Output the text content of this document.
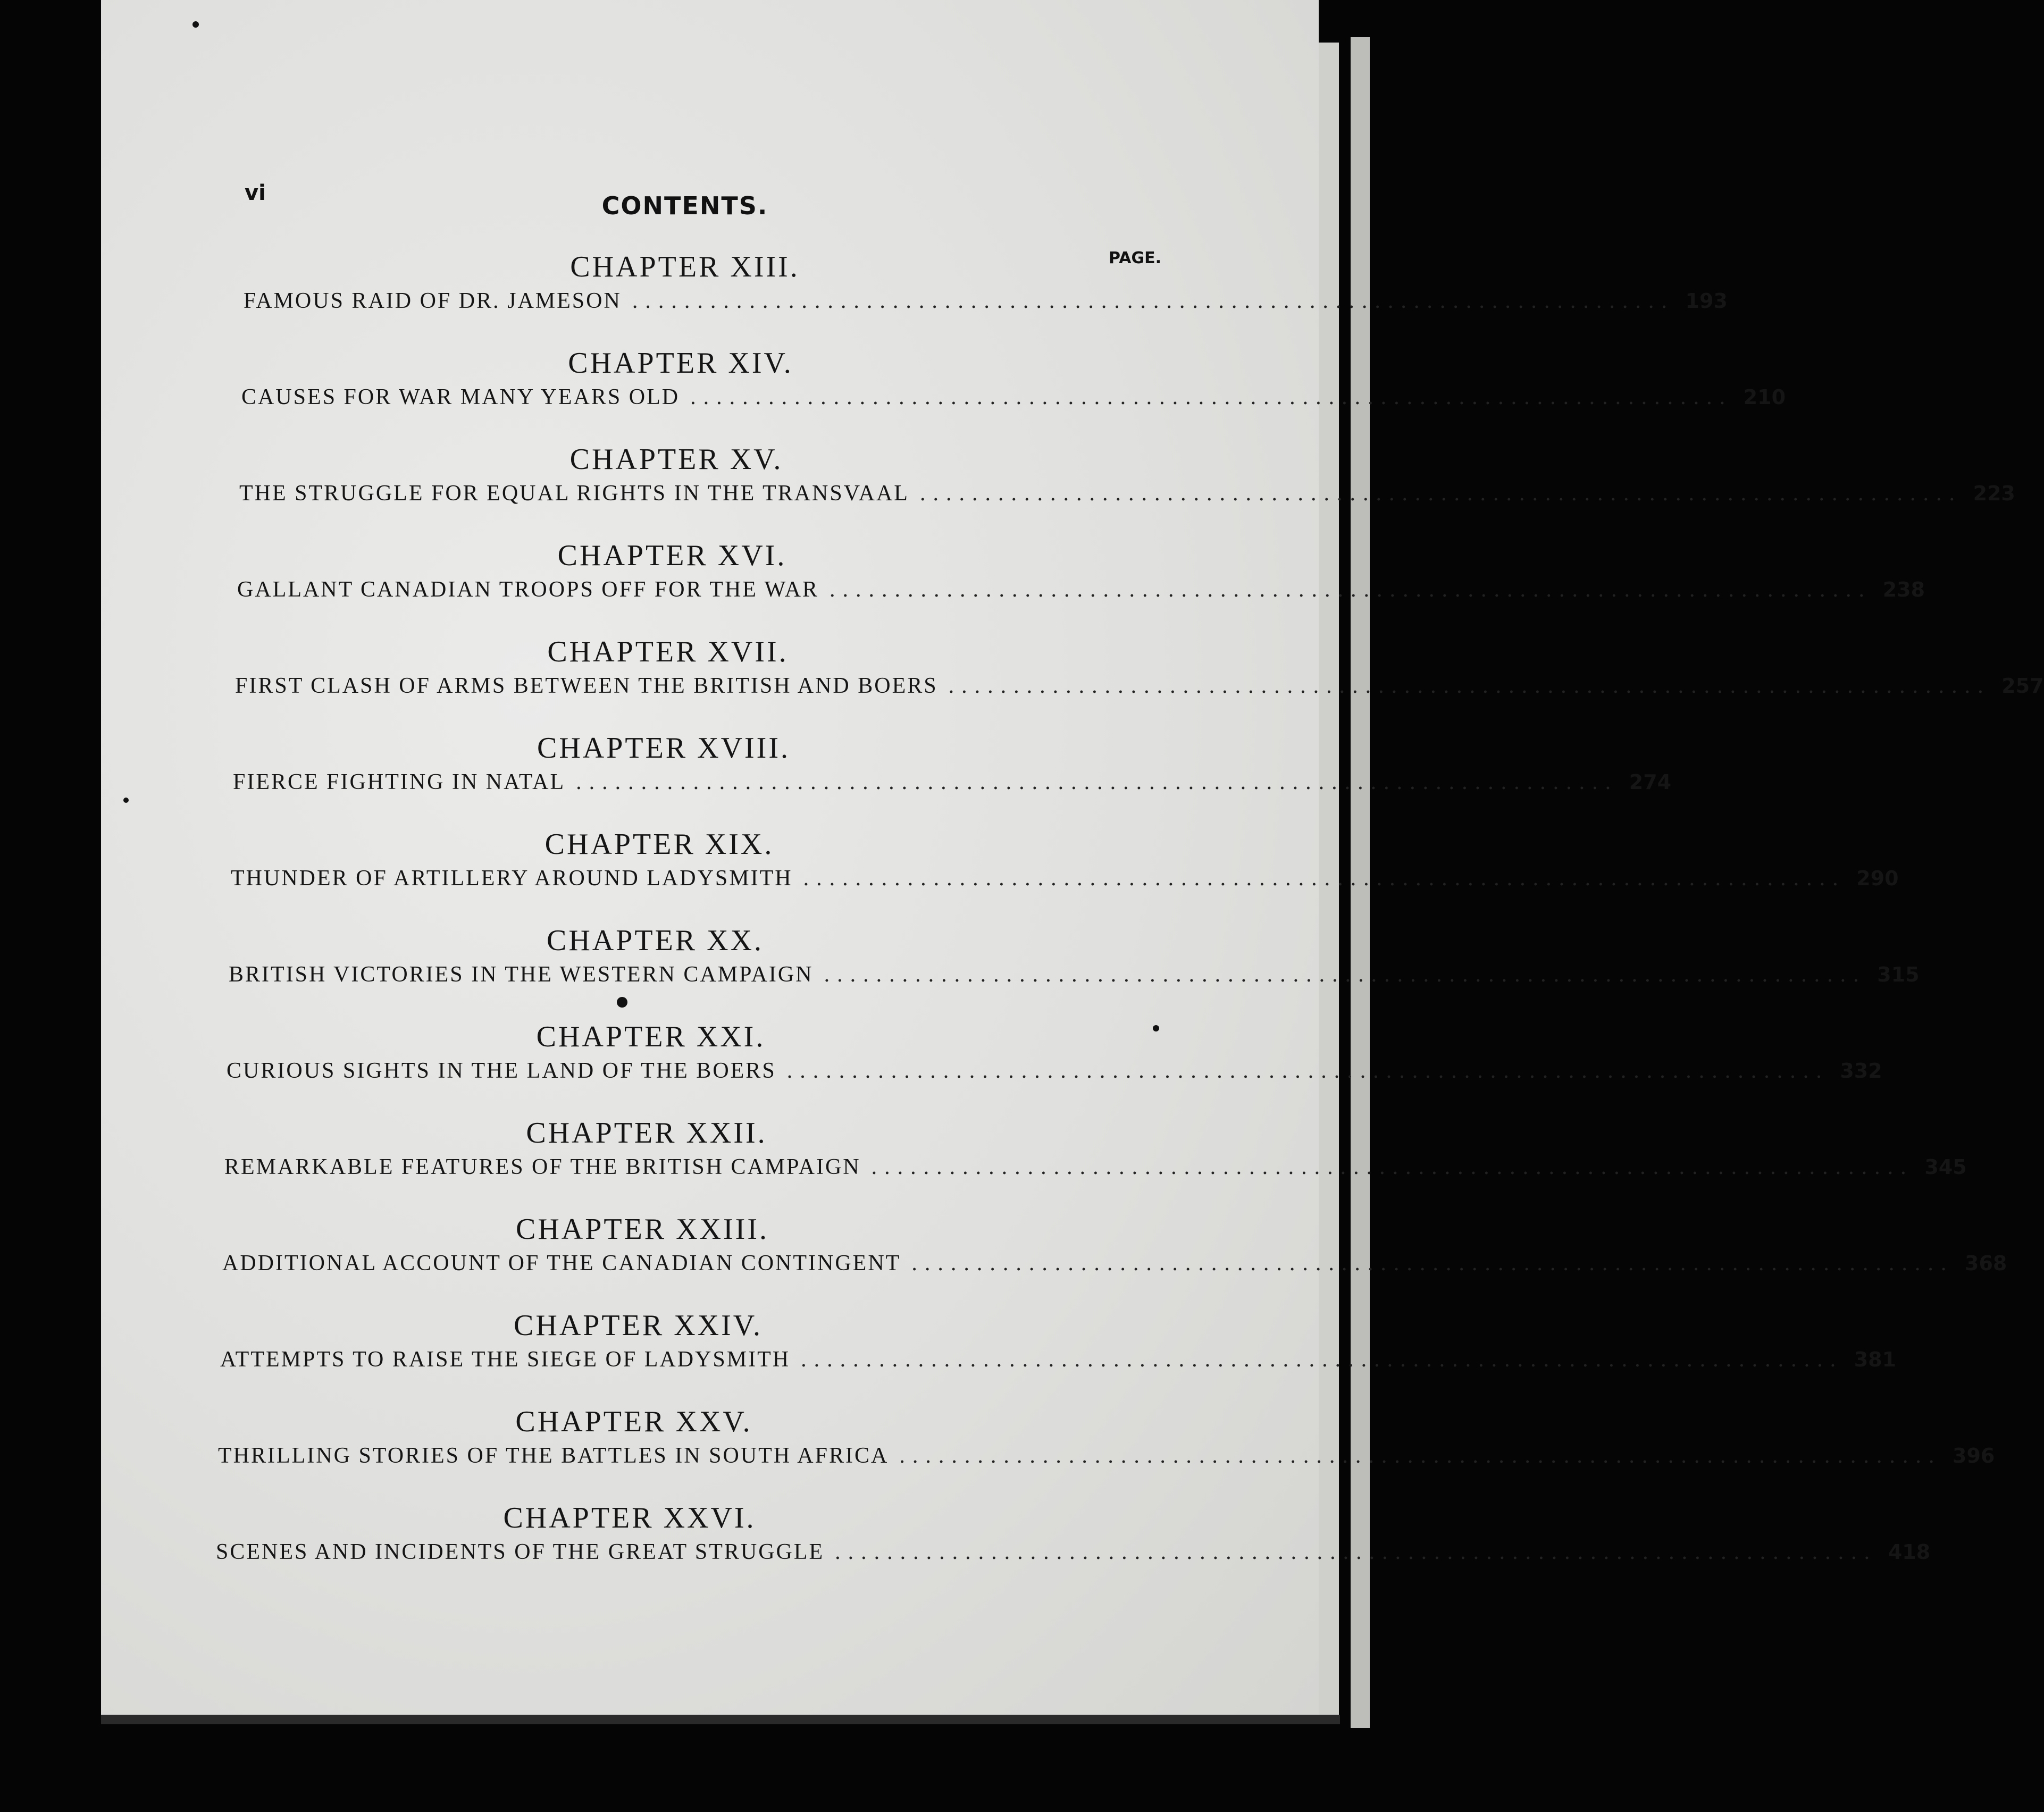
vi	CONTENTS.
PAGE.
CHAPTER XIII.
FAMOUS RAID OF DR. JAMESON ................................................................................ 193
CHAPTER XIV.
CAUSES FOR WAR MANY YEARS OLD ................................................................................ 210
CHAPTER XV.
THE STRUGGLE FOR EQUAL RIGHTS IN THE TRANSVAAL ................................................................................ 223
CHAPTER XVI.
GALLANT CANADIAN TROOPS OFF FOR THE WAR ................................................................................ 238
CHAPTER XVII.
FIRST CLASH OF ARMS BETWEEN THE BRITISH AND BOERS ................................................................................ 257
CHAPTER XVIII.
FIERCE FIGHTING IN NATAL ................................................................................ 274
CHAPTER XIX.
THUNDER OF ARTILLERY AROUND LADYSMITH ................................................................................ 290
CHAPTER XX.
BRITISH VICTORIES IN THE WESTERN CAMPAIGN ................................................................................ 315
CHAPTER XXI.
CURIOUS SIGHTS IN THE LAND OF THE BOERS ................................................................................ 332
CHAPTER XXII.
REMARKABLE FEATURES OF THE BRITISH CAMPAIGN ................................................................................ 345
CHAPTER XXIII.
ADDITIONAL ACCOUNT OF THE CANADIAN CONTINGENT ................................................................................ 368
CHAPTER XXIV.
ATTEMPTS TO RAISE THE SIEGE OF LADYSMITH ................................................................................ 381
CHAPTER XXV.
THRILLING STORIES OF THE BATTLES IN SOUTH AFRICA ................................................................................ 396
CHAPTER XXVI.
SCENES AND INCIDENTS OF THE GREAT STRUGGLE ................................................................................ 418
